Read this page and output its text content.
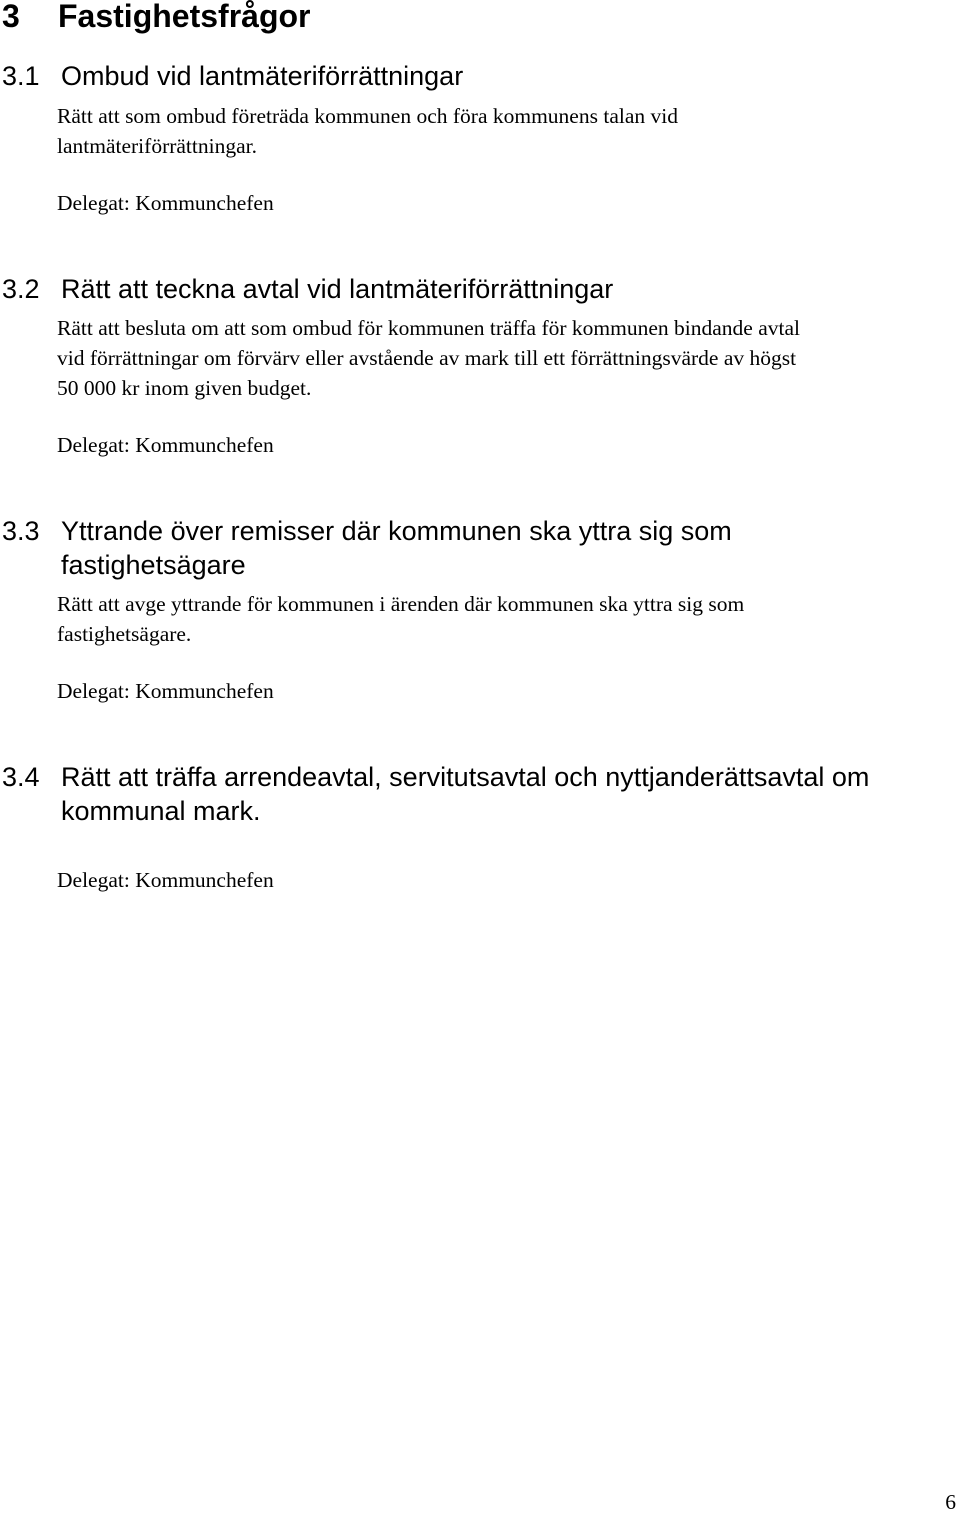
3 Fastighetsfrågor
3.1 Ombud vid lantmäteriförrättningar

Rätt att som ombud företräda kommunen och föra kommunens talan vid
lantmäteriförrättningar.

Delegat: Kommunchefen

3.2 Rätt att teckna avtal vid lantmäteriförrättningar

Rätt att besluta om att som ombud för kommunen träffa för kommunen bindande avtal
vid förrättningar om förvärv eller avstående av mark till ett förrättningsvärde av högst
50 000 kr inom given budget.

Delegat: Kommunchefen

3.3 Yttrande över remisser där kommunen ska yttra sig som
fastighetsägare

Rätt att avge yttrande för kommunen i ärenden där kommunen ska yttra sig som
fastighetsägare.

Delegat: Kommunchefen

3.4 Rätt att träffa arrendeavtal, servitutsavtal och nyttjanderättsavtal om
kommunal mark.

Delegat: Kommunchefen

6
